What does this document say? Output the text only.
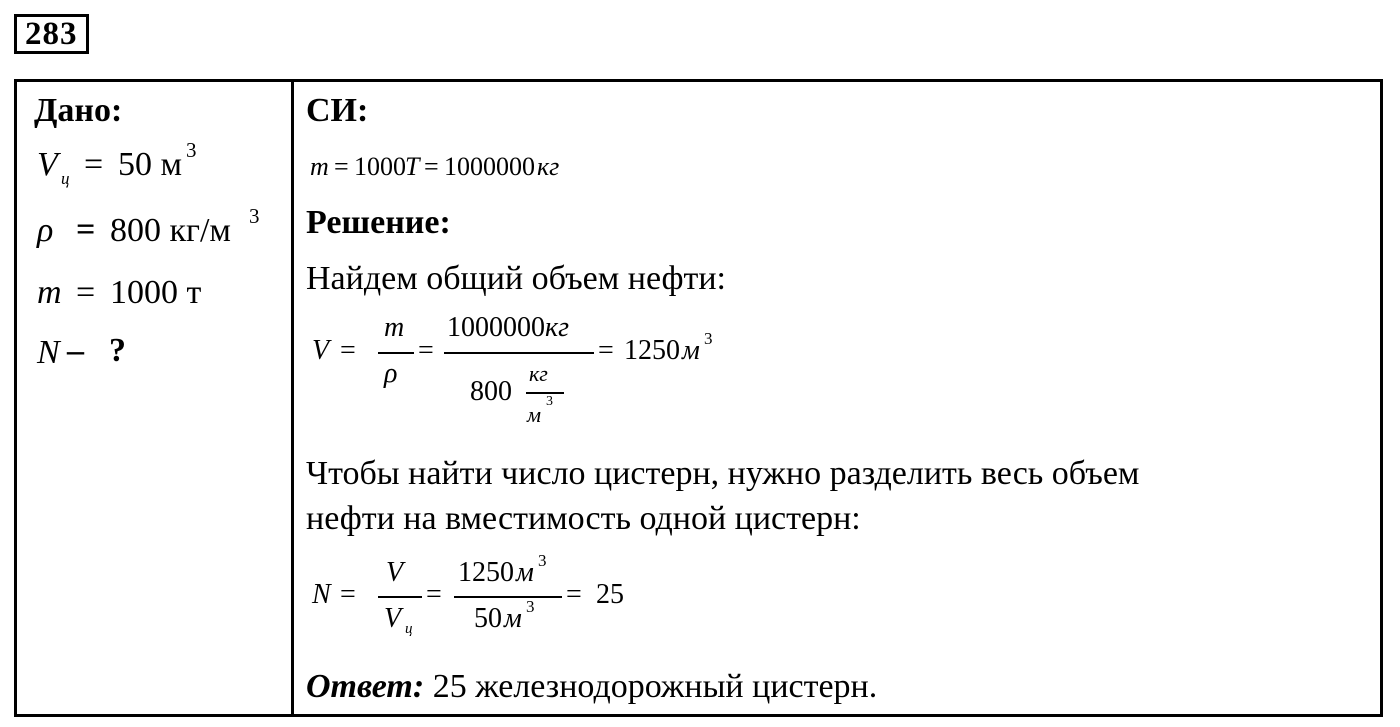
283
Дано:
V ц = 50 м 3
ρ = 800 кг/м 3
m = 1000 т
N – ?
СИ:
m = 1000 T = 1000000 кг
Решение:
Найдем общий объем нефти:
V =
m
ρ
=
1000000 кг
800
кг
м
3
= 1250 м 3
Чтобы найти число цистерн, нужно разделить весь объем
нефти на вместимость одной цистерн:
N =
V
V ц
=
1250 м 3
50 м 3 = 25
Ответ: 25 железнодорожный цистерн.
